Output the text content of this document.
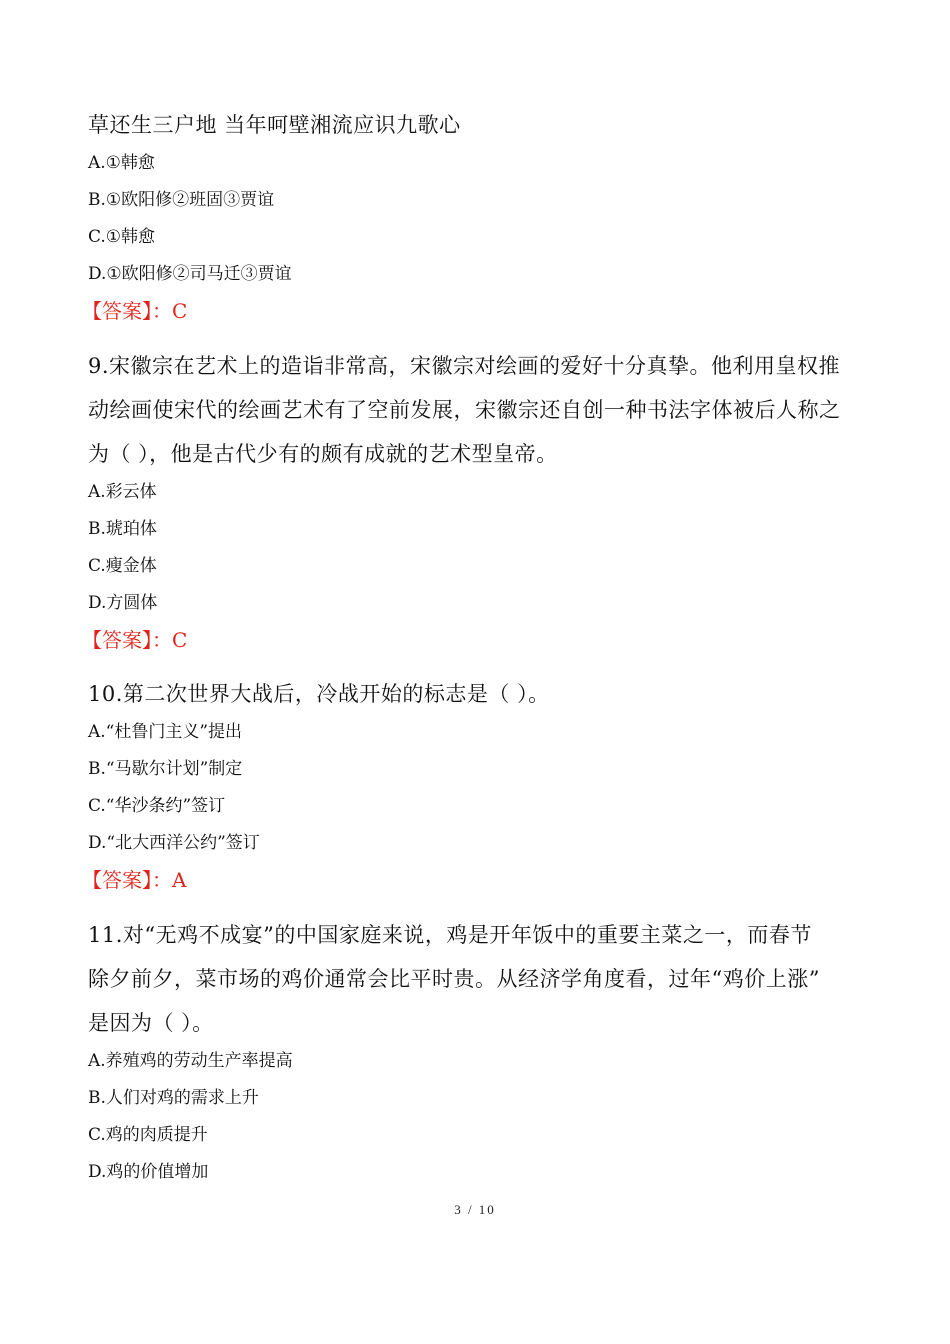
草还生三户地 当年呵壁湘流应识九歌心
A.①韩愈
B.①欧阳修②班固③贾谊
C.①韩愈
D.①欧阳修②司马迁③贾谊
【答案】：C
9.宋徽宗在艺术上的造诣非常高，宋徽宗对绘画的爱好十分真挚。他利用皇权推
动绘画使宋代的绘画艺术有了空前发展，宋徽宗还自创一种书法字体被后人称之
为（ ），他是古代少有的颇有成就的艺术型皇帝。
A.彩云体
B.琥珀体
C.瘦金体
D.方圆体
【答案】：C
10.第二次世界大战后，冷战开始的标志是（ ）。
A.“杜鲁门主义”提出
B.“马歇尔计划”制定
C.“华沙条约”签订
D.“北大西洋公约”签订
【答案】：A
11.对“无鸡不成宴”的中国家庭来说，鸡是开年饭中的重要主菜之一，而春节
除夕前夕，菜市场的鸡价通常会比平时贵。从经济学角度看，过年“鸡价上涨”
是因为（ ）。
A.养殖鸡的劳动生产率提高
B.人们对鸡的需求上升
C.鸡的肉质提升
D.鸡的价值增加
3 / 10
